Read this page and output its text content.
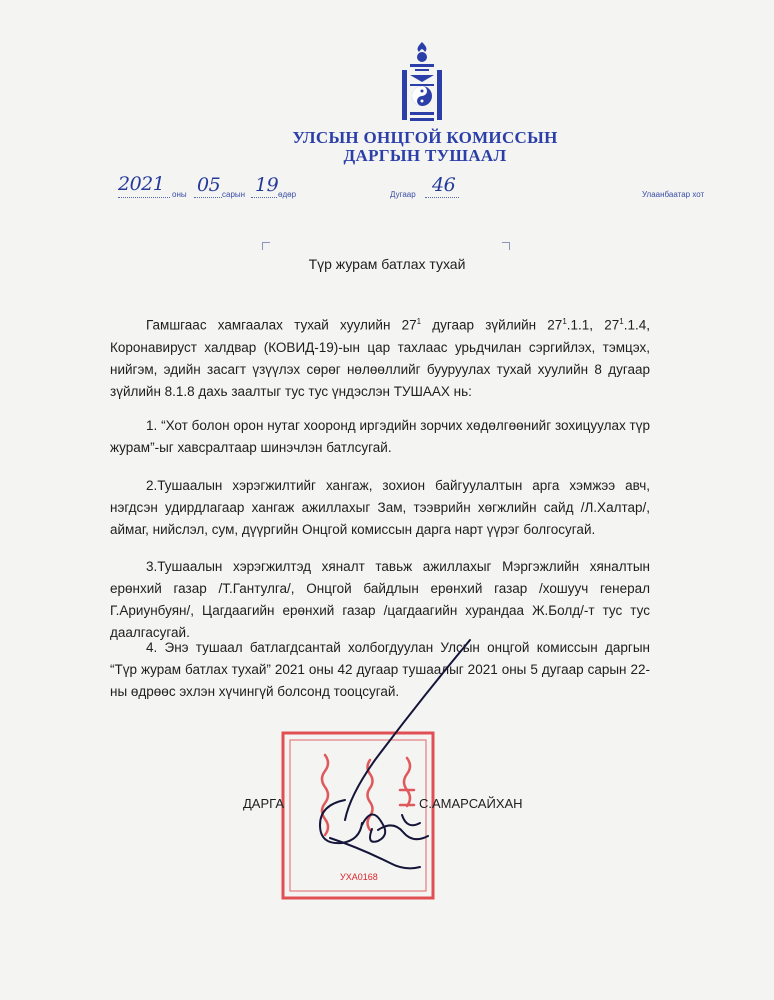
УЛСЫН ОНЦГОЙ КОМИССЫН
ДАРГЫН ТУШААЛ
2021 оны 05 сарын 19 өдөр	Дугаар 46	Улаанбаатар хот
Түр журам батлах тухай

Гамшгаас хамгаалах тухай хуулийн $27^1$ дугаар зүйлийн $27^1.1.1$, $27^1.1.4$, Коронавируст халдвар (КОВИД-19)-ын цар тахлаас урьдчилан сэргийлэх, тэмцэх, нийгэм, эдийн засагт үзүүлэх сөрөг нөлөөллийг бууруулах тухай хуулийн 8 дугаар зүйлийн 8.1.8 дахь заалтыг тус тус үндэслэн ТУШААХ нь:

1. “Хот болон орон нутаг хооронд иргэдийн зорчих хөдөлгөөнийг зохицуулах түр журам”-ыг хавсралтаар шинэчлэн батлсугай.

2.Тушаалын хэрэгжилтийг хангаж, зохион байгуулалтын арга хэмжээ авч, нэгдсэн удирдлагаар хангаж ажиллахыг Зам, тээврийн хөгжлийн сайд /Л.Халтар/, аймаг, нийслэл, сум, дүүргийн Онцгой комиссын дарга нарт үүрэг болгосугай.

3.Тушаалын хэрэгжилтэд хяналт тавьж ажиллахыг Мэргэжлийн хяналтын ерөнхий газар /Т.Гантулга/, Онцгой байдлын ерөнхий газар /хошууч генерал Г.Ариунбуян/, Цагдаагийн ерөнхий газар /цагдаагийн хурандаа Ж.Болд/-т тус тус даалгасугай.

4. Энэ тушаал батлагдсантай холбогдуулан Улсын онцгой комиссын даргын “Түр журам батлах тухай” 2021 оны 42 дугаар тушаалыг 2021 оны 5 дугаар сарын 22-ны өдрөөс эхлэн хүчингүй болсонд тооцсугай.

УХА0168
ДАРГА	С.АМАРСАЙХАН
